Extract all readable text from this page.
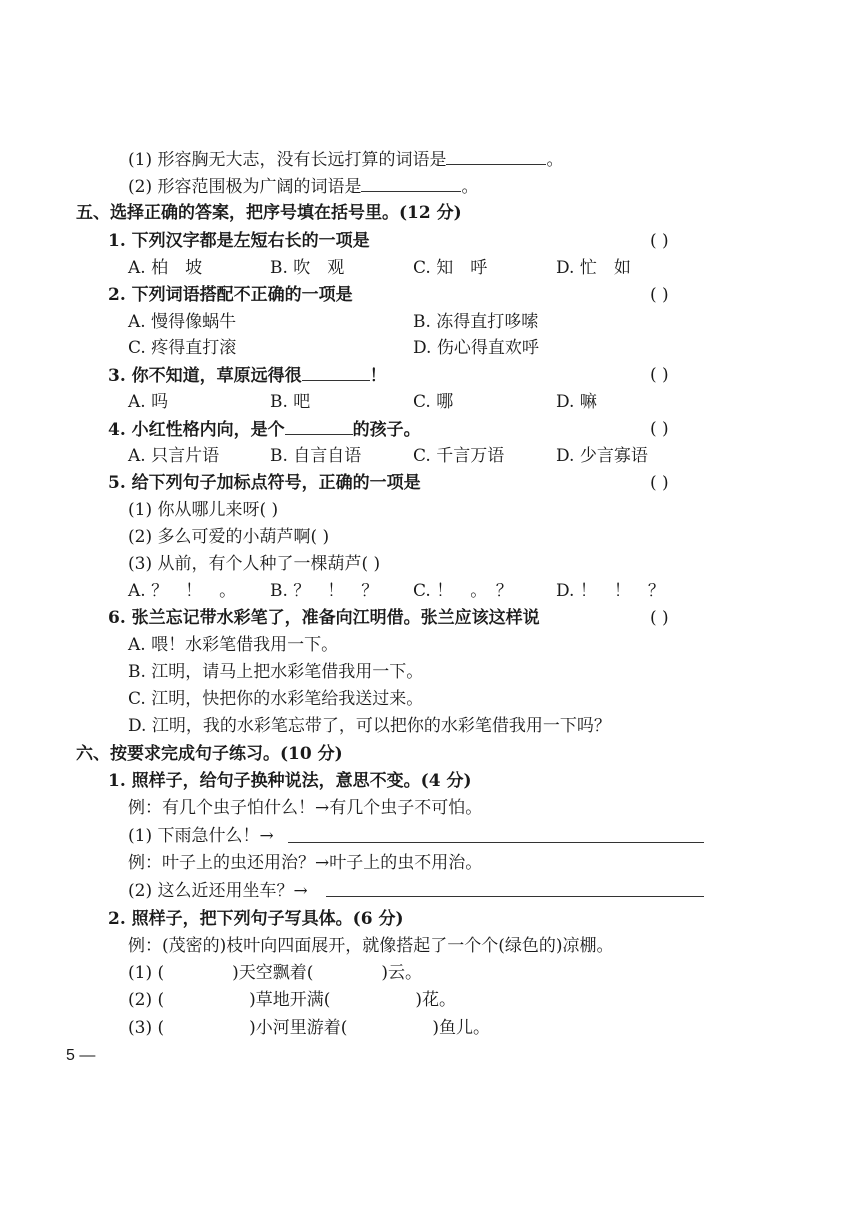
(1) 形容胸无大志，没有长远打算的词语是	。
(2) 形容范围极为广阔的词语是	。
五、选择正确的答案，把序号填在括号里。(12 分)
1. 下列汉字都是左短右长的一项是	( )
A. 柏　坡	B. 吹　观	C. 知　呼	D. 忙　如
2. 下列词语搭配不正确的一项是	( )
A. 慢得像蜗牛	B. 冻得直打哆嗦
C. 疼得直打滚	D. 伤心得直欢呼
3. 你不知道，草原远得很	！	( )
A. 吗	B. 吧	C. 哪	D. 嘛
4. 小红性格内向，是个	的孩子。	( )
A. 只言片语	B. 自言自语	C. 千言万语	D. 少言寡语
5. 给下列句子加标点符号，正确的一项是	( )
(1) 你从哪儿来呀( )
(2) 多么可爱的小葫芦啊( )
(3) 从前，有个人种了一棵葫芦( )
A. ？　！　。 B. ？　！　？ C. ！　。　？	D. ！　！　？
6. 张兰忘记带水彩笔了，准备向江明借。张兰应该这样说	( )
A. 喂！水彩笔借我用一下。
B. 江明，请马上把水彩笔借我用一下。
C. 江明，快把你的水彩笔给我送过来。
D. 江明，我的水彩笔忘带了，可以把你的水彩笔借我用一下吗？
六、按要求完成句子练习。(10 分)
1. 照样子，给句子换种说法，意思不变。(4 分)
例：有几个虫子怕什么！→有几个虫子不可怕。
(1) 下雨急什么！→
例：叶子上的虫还用治？→叶子上的虫不用治。
(2) 这么近还用坐车？→
2. 照样子，把下列句子写具体。(6 分)
例：(茂密的)枝叶向四面展开，就像搭起了一个个(绿色的)凉棚。
(1) (　　　　)天空飘着(　　　　)云。
(2) (　　　　　)草地开满(　　　　　)花。
(3) (　　　　　)小河里游着(　　　　　)鱼儿。
5 —
